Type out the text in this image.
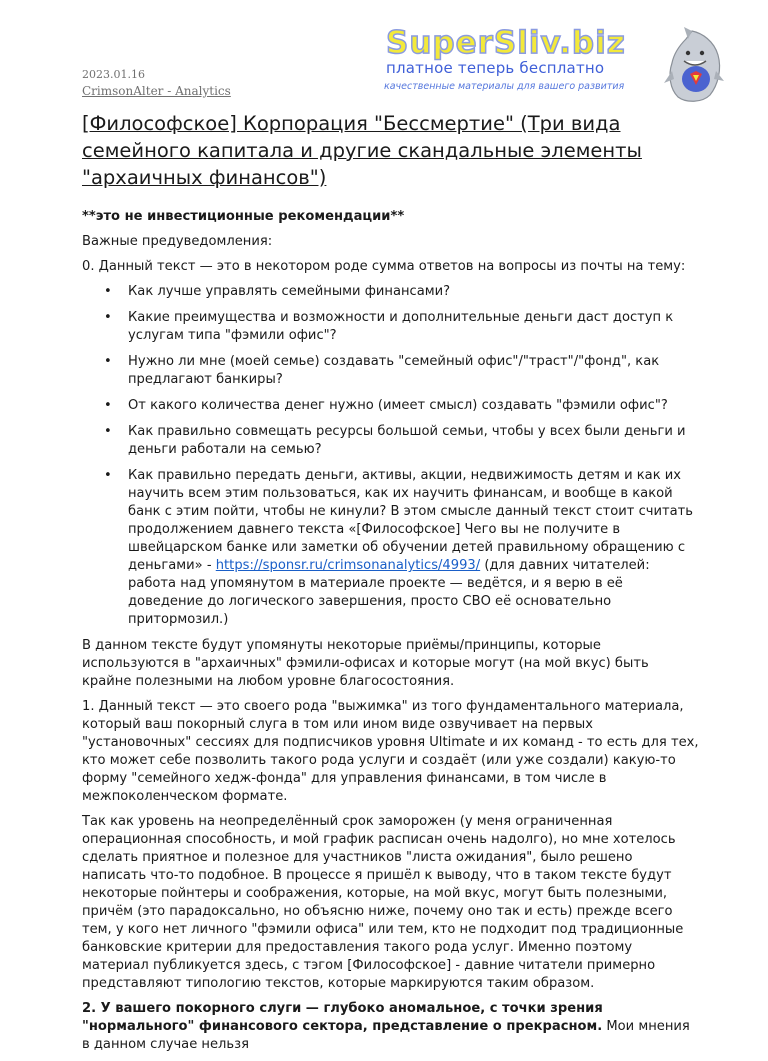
2023.01.16
CrimsonAlter - Analytics
SuperSliv.biz
платное теперь бесплатно
качественные материалы для вашего развития
[Философское] Корпорация "Бессмертие" (Три вида семейного капитала и другие скандальные элементы "архаичных финансов")

**это не инвестиционные рекомендации**

Важные предуведомления:

0. Данный текст — это в некотором роде сумма ответов на вопросы из почты на тему:

• Как лучше управлять семейными финансами?
• Какие преимущества и возможности и дополнительные деньги даст доступ к услугам типа "фэмили офис"?
• Нужно ли мне (моей семье) создавать "семейный офис"/"траст"/"фонд", как предлагают банкиры?
• От какого количества денег нужно (имеет смысл) создавать "фэмили офис"?
• Как правильно совмещать ресурсы большой семьи, чтобы у всех были деньги и деньги работали на семью?
• Как правильно передать деньги, активы, акции, недвижимость детям и как их научить всем этим пользоваться, как их научить финансам, и вообще в какой банк с этим пойти, чтобы не кинули? В этом смысле данный текст стоит считать продолжением давнего текста «[Философское] Чего вы не получите в швейцарском банке или заметки об обучении детей правильному обращению с деньгами» - https://sponsr.ru/crimsonanalytics/4993/ (для давних читателей: работа над упомянутом в материале проекте — ведётся, и я верю в её доведение до логического завершения, просто СВО её основательно притормозил.)

В данном тексте будут упомянуты некоторые приёмы/принципы, которые используются в "архаичных" фэмили-офисах и которые могут (на мой вкус) быть крайне полезными на любом уровне благосостояния.

1. Данный текст — это своего рода "выжимка" из того фундаментального материала, который ваш покорный слуга в том или ином виде озвучивает на первых "установочных" сессиях для подписчиков уровня Ultimate и их команд - то есть для тех, кто может себе позволить такого рода услуги и создаёт (или уже создали) какую-то форму "семейного хедж-фонда" для управления финансами, в том числе в межпоколенческом формате.

Так как уровень на неопределённый срок заморожен (у меня ограниченная операционная способность, и мой график расписан очень надолго), но мне хотелось сделать приятное и полезное для участников "листа ожидания", было решено написать что-то подобное. В процессе я пришёл к выводу, что в таком тексте будут некоторые пойнтеры и соображения, которые, на мой вкус, могут быть полезными, причём (это парадоксально, но объясню ниже, почему оно так и есть) прежде всего тем, у кого нет личного "фэмили офиса" или тем, кто не подходит под традиционные банковские критерии для предоставления такого рода услуг. Именно поэтому материал публикуется здесь, с тэгом [Философское] - давние читатели примерно представляют типологию текстов, которые маркируются таким образом.

2. У вашего покорного слуги — глубоко аномальное, с точки зрения "нормального" финансового сектора, представление о прекрасном. Мои мнения в данном случае нельзя
